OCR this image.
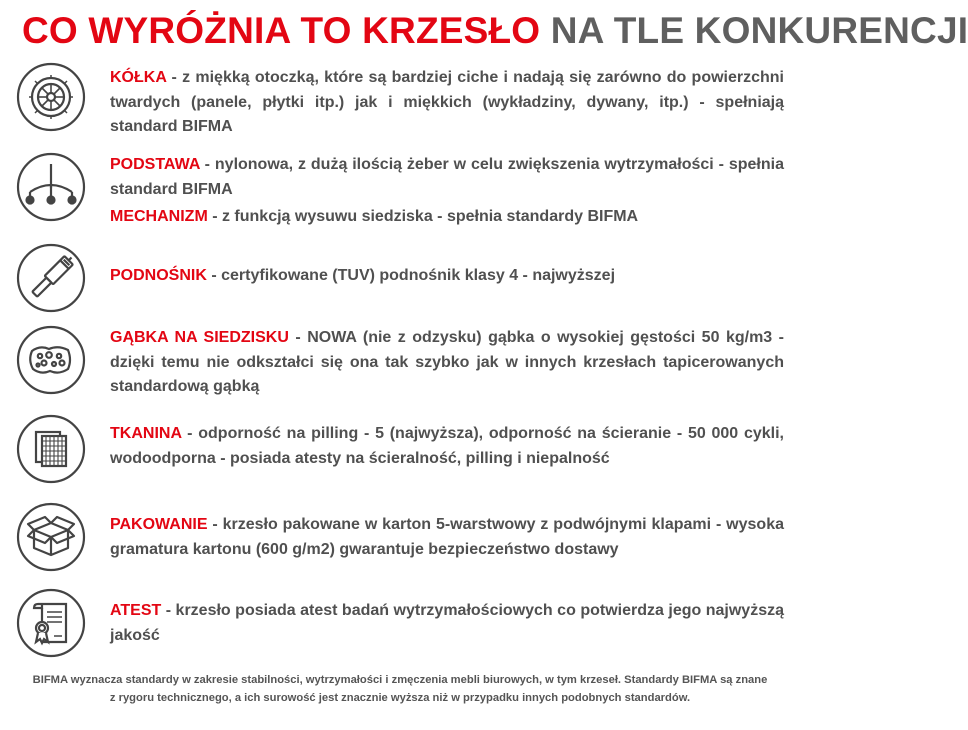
CO WYRÓŻNIA TO KRZESŁO NA TLE KONKURENCJI
KÓŁKA - z miękką otoczką, które są bardziej ciche i nadają się zarówno do powierzchni twardych (panele, płytki itp.) jak i miękkich (wykładziny, dywany, itp.) - spełniają standard BIFMA
PODSTAWA - nylonowa, z dużą ilością żeber w celu zwiększenia wytrzymałości - spełnia standard BIFMA
MECHANIZM - z funkcją wysuwu siedziska - spełnia standardy BIFMA
PODNOŚNIK - certyfikowane (TUV) podnośnik klasy 4 - najwyższej
GĄBKA NA SIEDZISKU - NOWA (nie z odzysku) gąbka o wysokiej gęstości 50 kg/m3 - dzięki temu nie odkształci się ona tak szybko jak w innych krzesłach tapicerowanych standardową gąbką
TKANINA - odporność na pilling - 5 (najwyższa), odporność na ścieranie - 50 000 cykli, wodoodporna - posiada atesty na ścieralność, pilling i niepalność
PAKOWANIE - krzesło pakowane w karton 5-warstwowy z podwójnymi klapami - wysoka gramatura kartonu (600 g/m2) gwarantuje bezpieczeństwo dostawy
ATEST - krzesło posiada atest badań wytrzymałościowych co potwierdza jego najwyższą jakość
BIFMA wyznacza standardy w zakresie stabilności, wytrzymałości i zmęczenia mebli biurowych, w tym krzeseł. Standardy BIFMA są znane z rygoru technicznego, a ich surowość jest znacznie wyższa niż w przypadku innych podobnych standardów.
